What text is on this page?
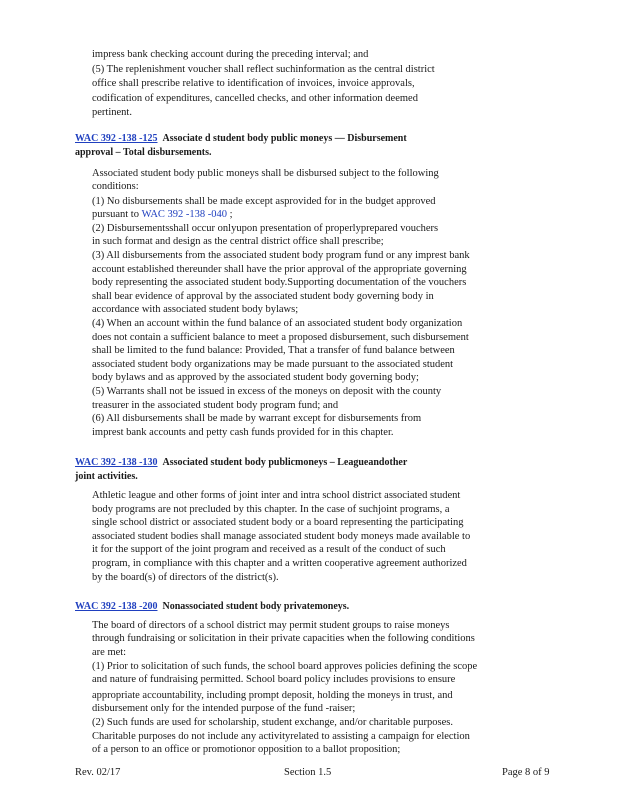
impress bank checking account during the preceding interval; and
(5) The replenishment voucher shall reflect suchinformation as the central district
office shall prescribe relative to identification of invoices, invoice approvals,
codification of expenditures, cancelled checks, and other information deemed
pertinent.
WAC 392 -138 -125 Associate d student body public moneys — Disbursement
approval – Total disbursements.
Associated student body public moneys shall be disbursed subject to the following
conditions:
(1) No disbursements shall be made except asprovided for in the budget approved
pursuant to WAC 392 -138 -040 ;
(2) Disbursementsshall occur onlyupon presentation of properlyprepared vouchers
in such format and design as the central district office shall prescribe;
(3) All disbursements from the associated student body program fund or any imprest bank
account established thereunder shall have the prior approval of the appropriate governing
body representing the associated student body.Supporting documentation of the vouchers
shall bear evidence of approval by the associated student body governing body in
accordance with associated student body bylaws;
(4) When an account within the fund balance of an associated student body organization
does not contain a sufficient balance to meet a proposed disbursement, such disbursement
shall be limited to the fund balance: Provided, That a transfer of fund balance between
associated student body organizations may be made pursuant to the associated student
body bylaws and as approved by the associated student body governing body;
(5) Warrants shall not be issued in excess of the moneys on deposit with the county
treasurer in the associated student body program fund; and
(6) All disbursements shall be made by warrant except for disbursements from
imprest bank accounts and petty cash funds provided for in this chapter.
WAC 392 -138 -130 Associated student body publicmoneys – Leagueandother
joint activities.
Athletic league and other forms of joint inter and intra school district associated student
body programs are not precluded by this chapter. In the case of suchjoint programs, a
single school district or associated student body or a board representing the participating
associated student bodies shall manage associated student body moneys made available to
it for the support of the joint program and received as a result of the conduct of such
program, in compliance with this chapter and a written cooperative agreement authorized
by the board(s) of directors of the district(s).
WAC 392 -138 -200 Nonassociated student body privatemoneys.
The board of directors of a school district may permit student groups to raise moneys
through fundraising or solicitation in their private capacities when the following conditions
are met:
(1) Prior to solicitation of such funds, the school board approves policies defining the scope
and nature of fundraising permitted. School board policy includes provisions to ensure
appropriate accountability, including prompt deposit, holding the moneys in trust, and
disbursement only for the intended purpose of the fund -raiser;
(2) Such funds are used for scholarship, student exchange, and/or charitable purposes.
Charitable purposes do not include any activityrelated to assisting a campaign for election
of a person to an office or promotionor opposition to a ballot proposition;
Rev. 02/17	Section 1.5	Page 8 of 9
